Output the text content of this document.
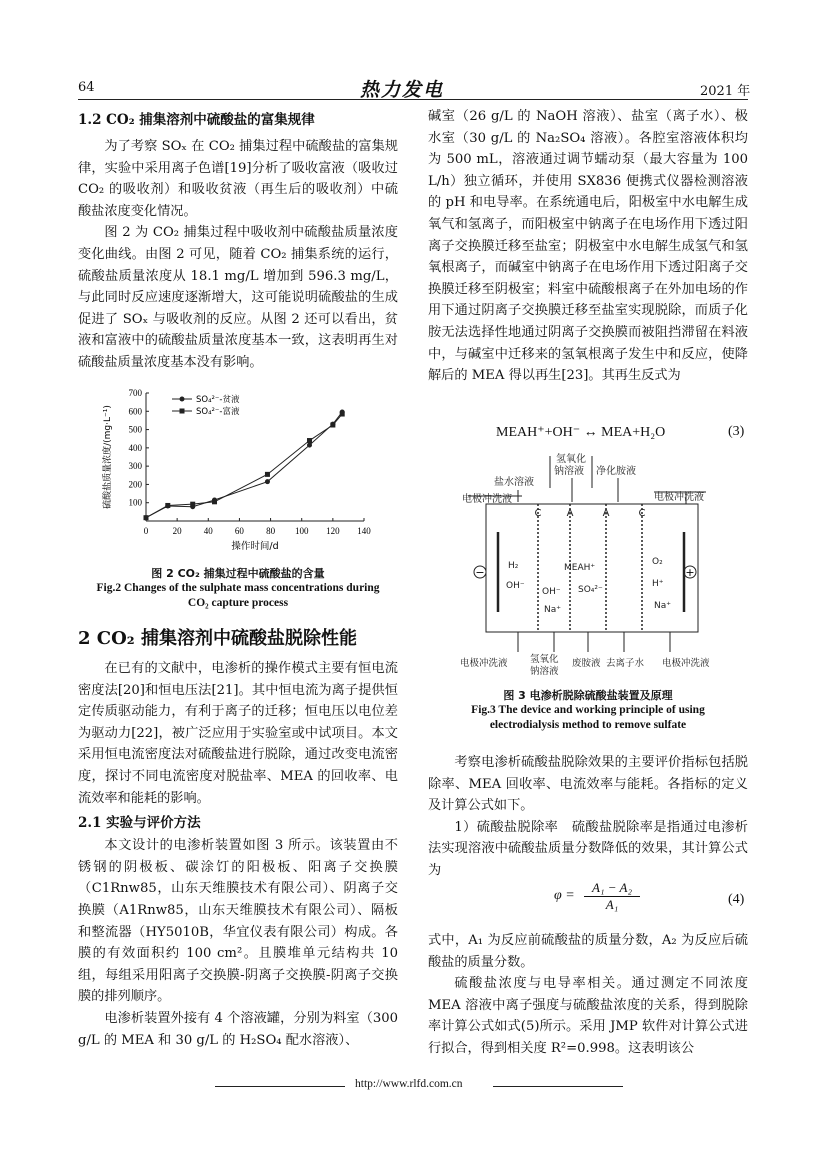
64	热力发电	2021 年
1.2 CO₂ 捕集溶剂中硫酸盐的富集规律

为了考察 SOₓ 在 CO₂ 捕集过程中硫酸盐的富集规律，实验中采用离子色谱[19]分析了吸收富液（吸收过 CO₂ 的吸收剂）和吸收贫液（再生后的吸收剂）中硫酸盐浓度变化情况。

图 2 为 CO₂ 捕集过程中吸收剂中硫酸盐质量浓度变化曲线。由图 2 可见，随着 CO₂ 捕集系统的运行，硫酸盐质量浓度从 18.1 mg/L 增加到 596.3 mg/L，与此同时反应速度逐渐增大，这可能说明硫酸盐的生成促进了 SOₓ 与吸收剂的反应。从图 2 还可以看出，贫液和富液中的硫酸盐质量浓度基本一致，这表明再生对硫酸盐质量浓度基本没有影响。

0	20 40 60 80 100 120 140
100
200
300
400
500
600
700
操作时间/d
硫酸盐质量浓度/(mg·L⁻¹)
SO₄²⁻-贫液
SO₄²⁻-富液
图 2 CO₂ 捕集过程中硫酸盐的含量
Fig.2 Changes of the sulphate mass concentrations during
CO₂ capture process
2 CO₂ 捕集溶剂中硫酸盐脱除性能

在已有的文献中，电渗析的操作模式主要有恒电流密度法[20]和恒电压法[21]。其中恒电流为离子提供恒定传质驱动能力，有利于离子的迁移；恒电压以电位差为驱动力[22]，被广泛应用于实验室或中试项目。本文采用恒电流密度法对硫酸盐进行脱除，通过改变电流密度，探讨不同电流密度对脱盐率、MEA 的回收率、电流效率和能耗的影响。

2.1 实验与评价方法

本文设计的电渗析装置如图 3 所示。该装置由不锈钢的阴极板、碳涂饤的阳极板、阳离子交换膜（C1Rnw85，山东天维膜技术有限公司）、阴离子交换膜（A1Rnw85，山东天维膜技术有限公司）、隔板和整流器（HY5010B，华宜仪表有限公司）构成。各膜的有效面积约 100 cm²。且膜堆单元结构共 10 组，每组采用阳离子交换膜-阴离子交换膜-阴离子交换膜的排列顺序。

电渗析装置外接有 4 个溶液罐，分别为料室（300 g/L 的 MEA 和 30 g/L 的 H₂SO₄ 配水溶液）、

碱室（26 g/L 的 NaOH 溶液）、盐室（离子水）、极水室（30 g/L 的 Na₂SO₄ 溶液）。各腔室溶液体积均为 500 mL，溶液通过调节蠕动泵（最大容量为 100 L/h）独立循环，并使用 SX836 便携式仪器检测溶液的 pH 和电导率。在系统通电后，阳极室中水电解生成氧气和氢离子，而阳极室中钠离子在电场作用下透过阳离子交换膜迁移至盐室；阴极室中水电解生成氢气和氢氧根离子，而碱室中钠离子在电场作用下透过阳离子交换膜迁移至阴极室；料室中硫酸根离子在外加电场的作用下通过阴离子交换膜迁移至盐室实现脱除，而质子化胺无法选择性地通过阴离子交换膜而被阻挡滞留在料液中，与碱室中迁移来的氢氧根离子发生中和反应，使降解后的 MEA 得以再生[23]。其再生反式为

MEAH⁺+OH⁻ ↔ MEA+H₂O	(3)
氢氧化
钠溶液
盐水溶液
净化胺液
电极冲洗液	电极冲洗液
C	A	A	C
−	+
H₂
OH⁻
OH⁻
Na⁺
MEAH⁺
SO₄²⁻
O₂
H⁺
Na⁺
电极冲洗液 氢氧化
钠溶液
废胺液 去离子水 电极冲洗液
图 3 电渗析脱除硫酸盐装置及原理
Fig.3 The device and working principle of using
electrodialysis method to remove sulfate

考察电渗析硫酸盐脱除效果的主要评价指标包括脱除率、MEA 回收率、电流效率与能耗。各指标的定义及计算公式如下。

1）硫酸盐脱除率　硫酸盐脱除率是指通过电渗析法实现溶液中硫酸盐质量分数降低的效果，其计算公式为

$\varphi = \frac{\text{A₁ − A₂}}{\text{A₁}}$	(4)

式中，A₁ 为反应前硫酸盐的质量分数，A₂ 为反应后硫酸盐的质量分数。

硫酸盐浓度与电导率相关。通过测定不同浓度 MEA 溶液中离子强度与硫酸盐浓度的关系，得到脱除率计算公式如式(5)所示。采用 JMP 软件对计算公式进行拟合，得到相关度 R²=0.998。这表明该公

http://www.rlfd.com.cn
